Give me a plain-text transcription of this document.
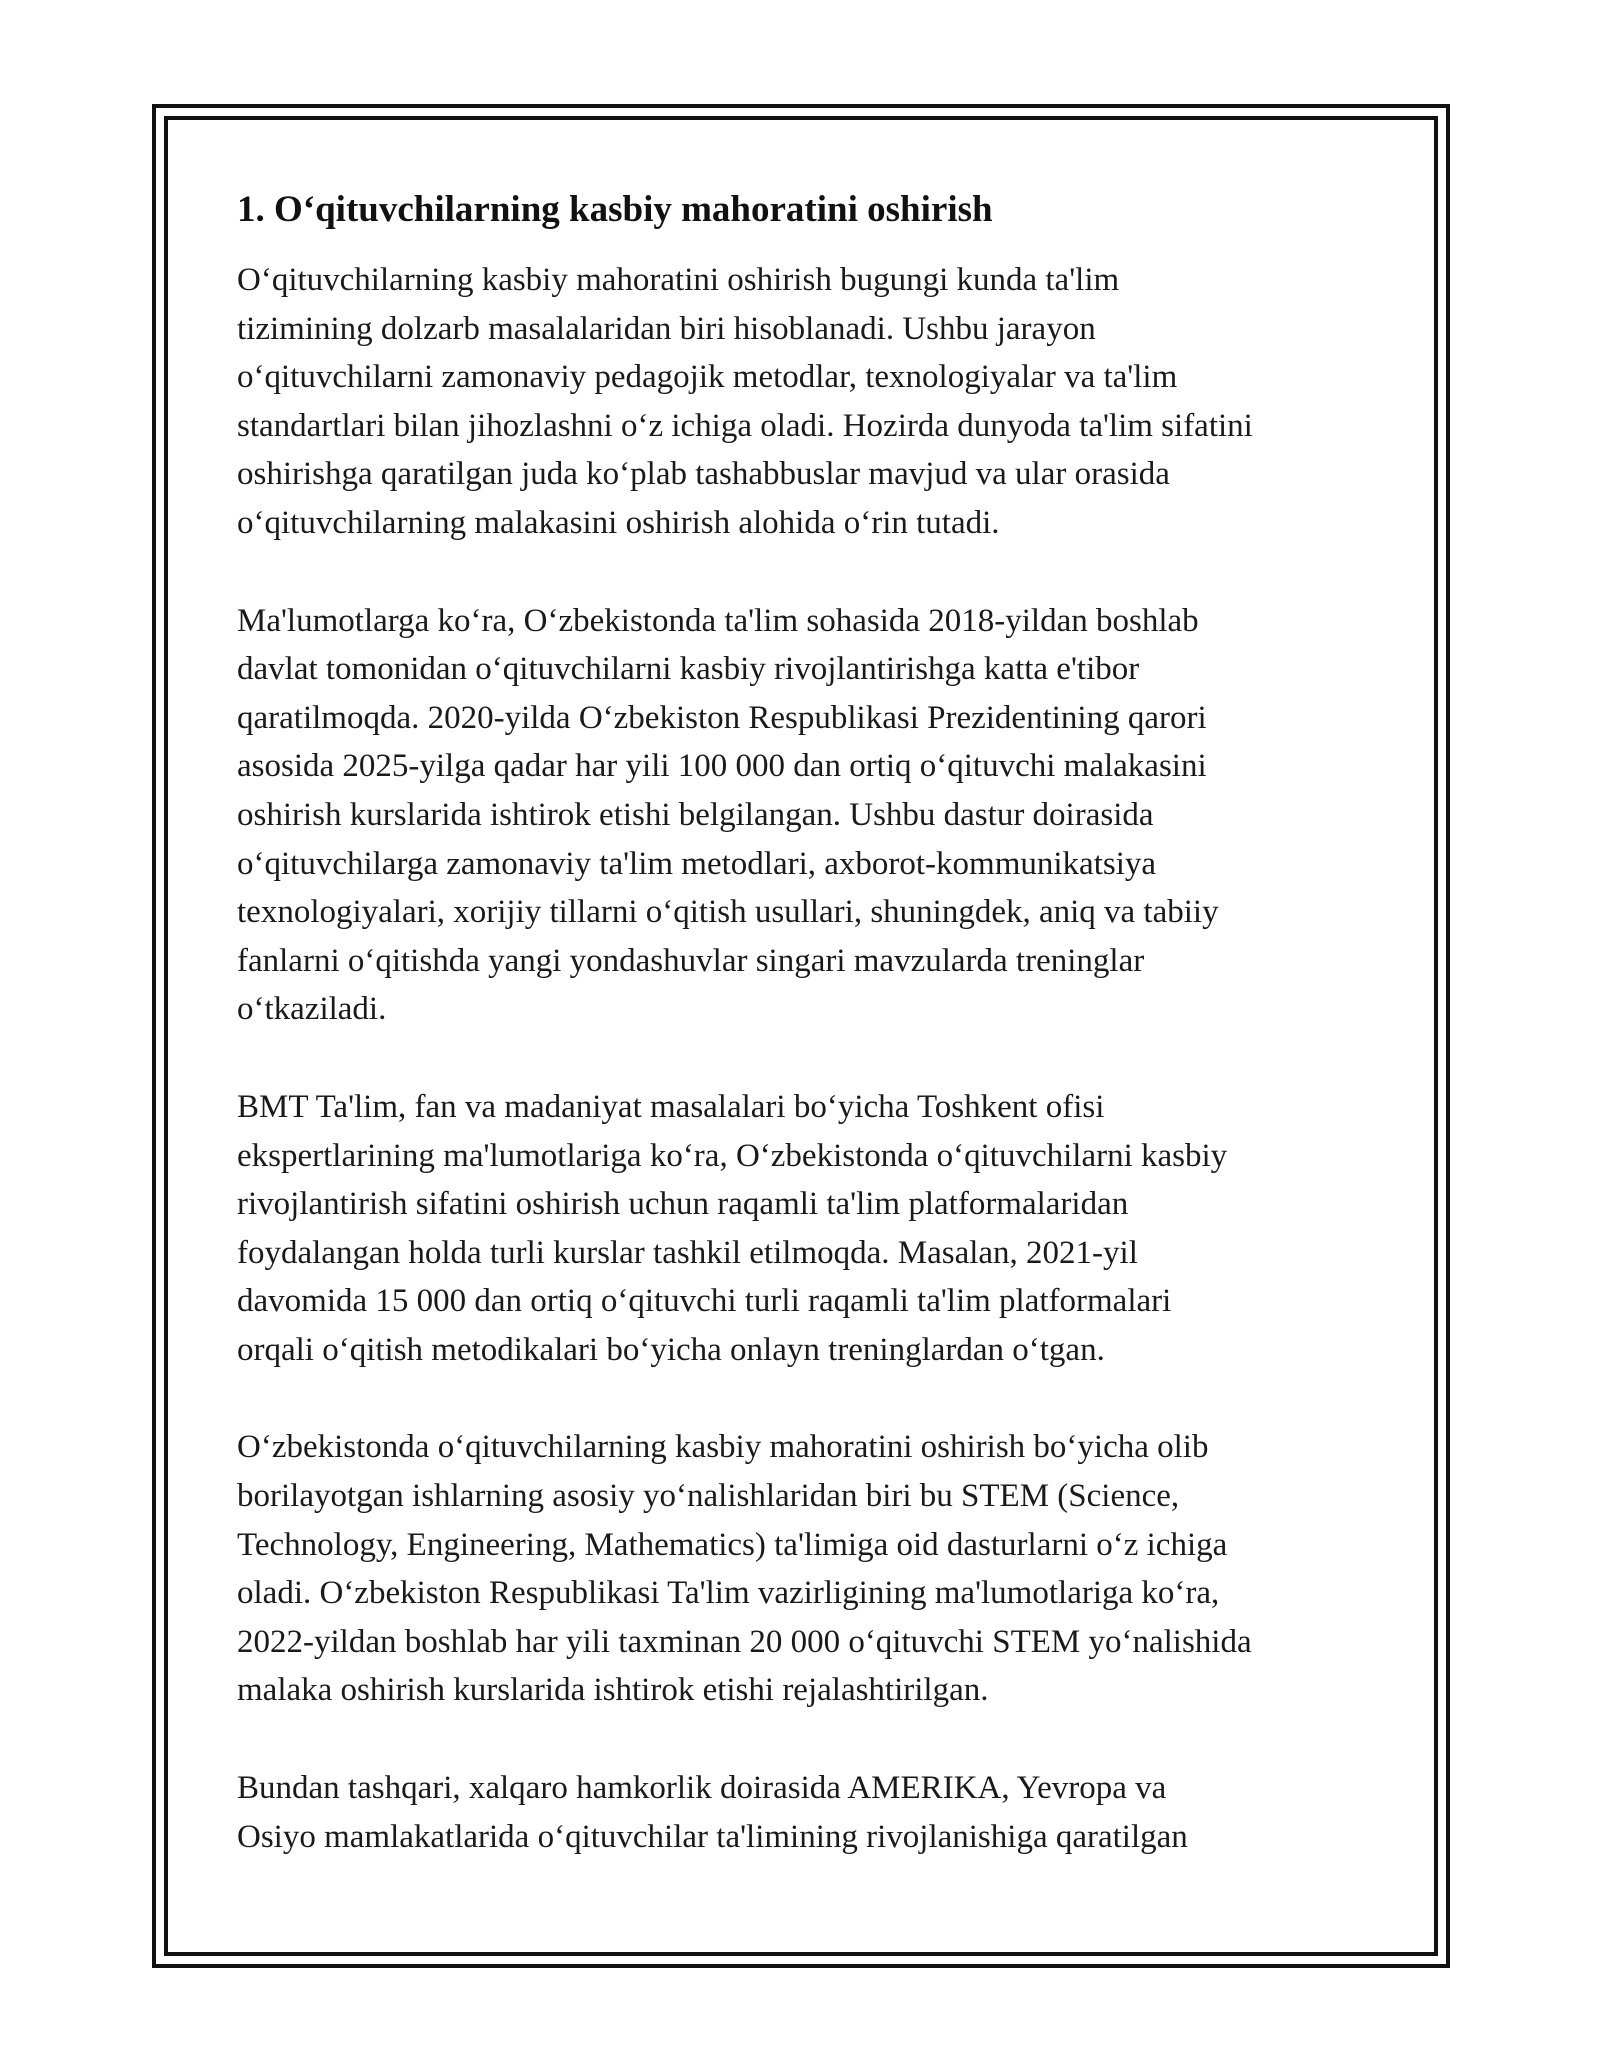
1. O‘qituvchilarning kasbiy mahoratini oshirish

O‘qituvchilarning kasbiy mahoratini oshirish bugungi kunda ta'lim
tizimining dolzarb masalalaridan biri hisoblanadi. Ushbu jarayon
o‘qituvchilarni zamonaviy pedagojik metodlar, texnologiyalar va ta'lim
standartlari bilan jihozlashni o‘z ichiga oladi. Hozirda dunyoda ta'lim sifatini
oshirishga qaratilgan juda ko‘plab tashabbuslar mavjud va ular orasida
o‘qituvchilarning malakasini oshirish alohida o‘rin tutadi.

Ma'lumotlarga ko‘ra, O‘zbekistonda ta'lim sohasida 2018-yildan boshlab
davlat tomonidan o‘qituvchilarni kasbiy rivojlantirishga katta e'tibor
qaratilmoqda. 2020-yilda O‘zbekiston Respublikasi Prezidentining qarori
asosida 2025-yilga qadar har yili 100 000 dan ortiq o‘qituvchi malakasini
oshirish kurslarida ishtirok etishi belgilangan. Ushbu dastur doirasida
o‘qituvchilarga zamonaviy ta'lim metodlari, axborot-kommunikatsiya
texnologiyalari, xorijiy tillarni o‘qitish usullari, shuningdek, aniq va tabiiy
fanlarni o‘qitishda yangi yondashuvlar singari mavzularda treninglar
o‘tkaziladi.

BMT Ta'lim, fan va madaniyat masalalari bo‘yicha Toshkent ofisi
ekspertlarining ma'lumotlariga ko‘ra, O‘zbekistonda o‘qituvchilarni kasbiy
rivojlantirish sifatini oshirish uchun raqamli ta'lim platformalaridan
foydalangan holda turli kurslar tashkil etilmoqda. Masalan, 2021-yil
davomida 15 000 dan ortiq o‘qituvchi turli raqamli ta'lim platformalari
orqali o‘qitish metodikalari bo‘yicha onlayn treninglardan o‘tgan.

O‘zbekistonda o‘qituvchilarning kasbiy mahoratini oshirish bo‘yicha olib
borilayotgan ishlarning asosiy yo‘nalishlaridan biri bu STEM (Science,
Technology, Engineering, Mathematics) ta'limiga oid dasturlarni o‘z ichiga
oladi. O‘zbekiston Respublikasi Ta'lim vazirligining ma'lumotlariga ko‘ra,
2022-yildan boshlab har yili taxminan 20 000 o‘qituvchi STEM yo‘nalishida
malaka oshirish kurslarida ishtirok etishi rejalashtirilgan.

Bundan tashqari, xalqaro hamkorlik doirasida AMERIKA, Yevropa va
Osiyo mamlakatlarida o‘qituvchilar ta'limining rivojlanishiga qaratilgan
